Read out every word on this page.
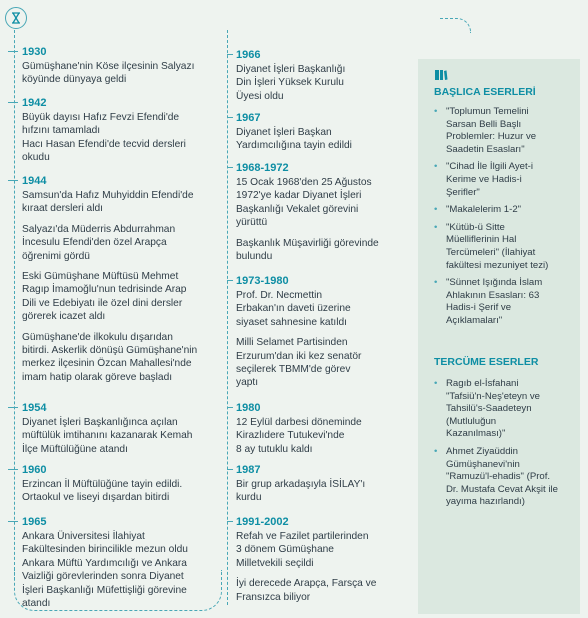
1930

Gümüşhane'nin Köse ilçesinin Salyazı
köyünde dünyaya geldi

1942

Büyük dayısı Hafız Fevzi Efendi'de
hıfzını tamamladı
Hacı Hasan Efendi'de tecvid dersleri
okudu

1944

Samsun'da Hafız Muhyiddin Efendi'de
kıraat dersleri aldı

Salyazı'da Müderris Abdurrahman
İncesulu Efendi'den özel Arapça
öğrenimi gördü

Eski Gümüşhane Müftüsü Mehmet
Ragıp İmamoğlu'nun tedrisinde Arap
Dili ve Edebiyatı ile özel dini dersler
görerek icazet aldı

Gümüşhane'de ilkokulu dışarıdan
bitirdi. Askerlik dönüşü Gümüşhane'nin
merkez ilçesinin Özcan Mahallesi'nde
imam hatip olarak göreve başladı

1954

Diyanet İşleri Başkanlığınca açılan
müftülük imtihanını kazanarak Kemah
İlçe Müftülüğüne atandı

1960

Erzincan İl Müftülüğüne tayin edildi.
Ortaokul ve liseyi dışardan bitirdi

1965

Ankara Üniversitesi İlahiyat
Fakültesinden birincilikle mezun oldu
Ankara Müftü Yardımcılığı ve Ankara
Vaizliği görevlerinden sonra Diyanet
İşleri Başkanlığı Müfettişliği görevine
atandı

1966

Diyanet İşleri Başkanlığı
Din İşleri Yüksek Kurulu
Üyesi oldu

1967

Diyanet İşleri Başkan
Yardımcılığına tayin edildi

1968-1972

15 Ocak 1968'den 25 Ağustos
1972'ye kadar Diyanet İşleri
Başkanlığı Vekalet görevini
yürüttü

Başkanlık Müşavirliği görevinde
bulundu

1973-1980

Prof. Dr. Necmettin
Erbakan'ın daveti üzerine
siyaset sahnesine katıldı

Milli Selamet Partisinden
Erzurum'dan iki kez senatör
seçilerek TBMM'de görev
yaptı

1980

12 Eylül darbesi döneminde
Kirazlıdere Tutukevi'nde
8 ay tutuklu kaldı

1987

Bir grup arkadaşıyla İSİLAY'ı
kurdu

1991-2002

Refah ve Fazilet partilerinden
3 dönem Gümüşhane
Milletvekili seçildi

İyi derecede Arapça, Farsça ve
Fransızca biliyor

BAŞLICA ESERLERİ
• "Toplumun Temelini
Sarsan Belli Başlı
Problemler: Huzur ve
Saadetin Esasları"
• "Cihad İle İlgili Ayet-i
Kerime ve Hadis-i
Şerifler"
• "Makalelerim 1-2"
• "Kütüb-ü Sitte
Müelliflerinin Hal
Tercümeleri" (İlahiyat
fakültesi mezuniyet tezi)
• "Sünnet Işığında İslam
Ahlakının Esasları: 63
Hadis-i Şerif ve
Açıklamaları"
TERCÜME ESERLER
• Ragıb el-İsfahani
"Tafsiü'n-Neş'eteyn ve
Tahsilü's-Saadeteyn
(Mutluluğun
Kazanılması)"
• Ahmet Ziyaüddin
Gümüşhanevi'nin
"Ramuzü'l-ehadis" (Prof.
Dr. Mustafa Cevat Akşit ile
yayıma hazırlandı)
